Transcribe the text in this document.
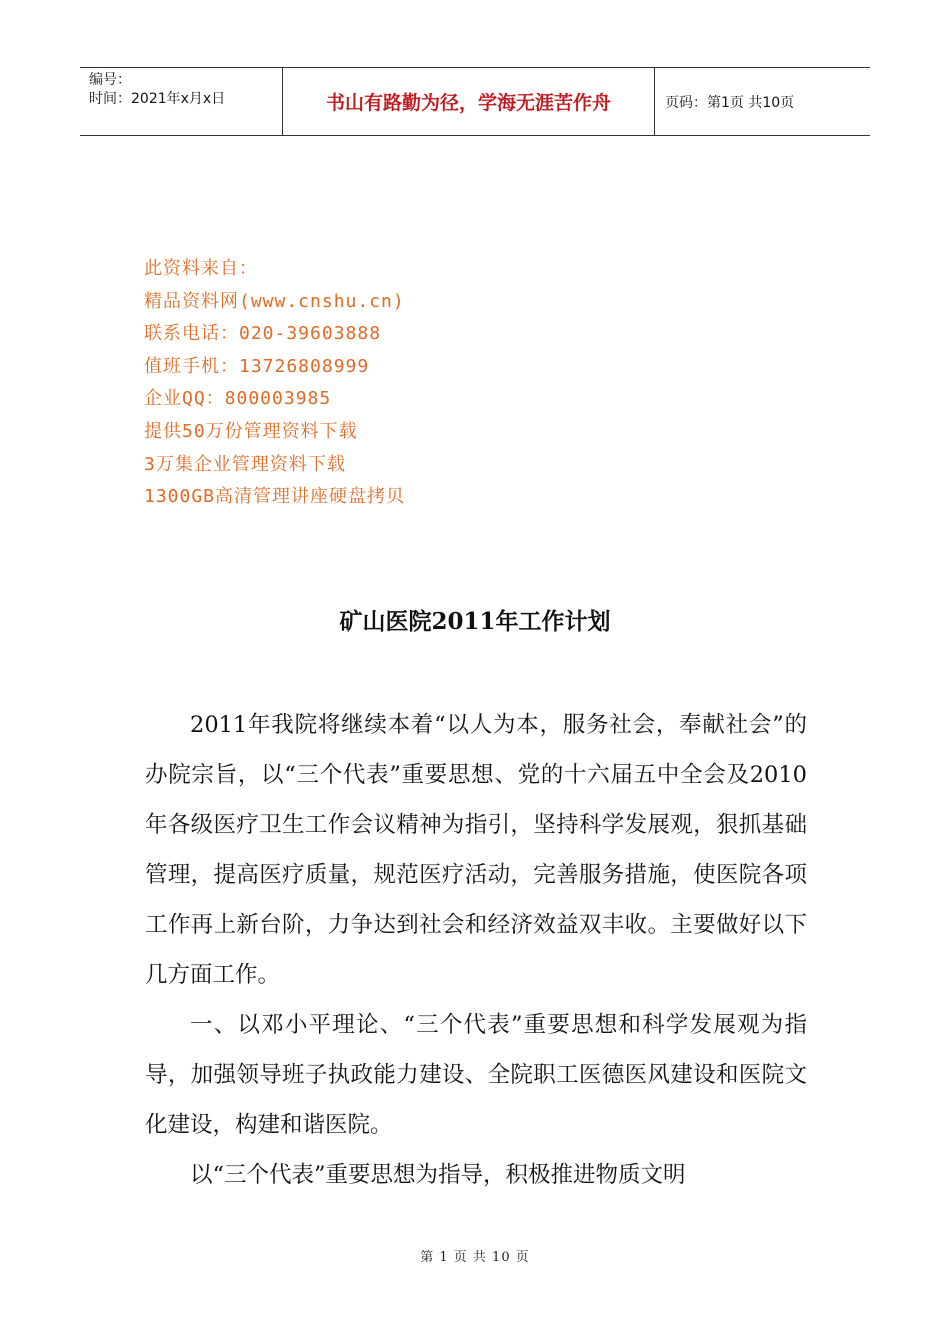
编号：
时间：2021年x月x日	书山有路勤为径，学海无涯苦作舟	页码：第1页 共10页
此资料来自：
精品资料网(www.cnshu.cn)
联系电话：020-39603888
值班手机：13726808999
企业QQ：800003985
提供50万份管理资料下载
3万集企业管理资料下载
1300GB高清管理讲座硬盘拷贝
矿山医院2011年工作计划

2011年我院将继续本着“以人为本，服务社会，奉献社会”的办院宗旨，以“三个代表”重要思想、党的十六届五中全会及2010年各级医疗卫生工作会议精神为指引，坚持科学发展观，狠抓基础管理，提高医疗质量，规范医疗活动，完善服务措施，使医院各项工作再上新台阶，力争达到社会和经济效益双丰收。主要做好以下几方面工作。

一、以邓小平理论、“三个代表”重要思想和科学发展观为指导，加强领导班子执政能力建设、全院职工医德医风建设和医院文化建设，构建和谐医院。

以“三个代表”重要思想为指导，积极推进物质文明

第 1 页 共 10 页
